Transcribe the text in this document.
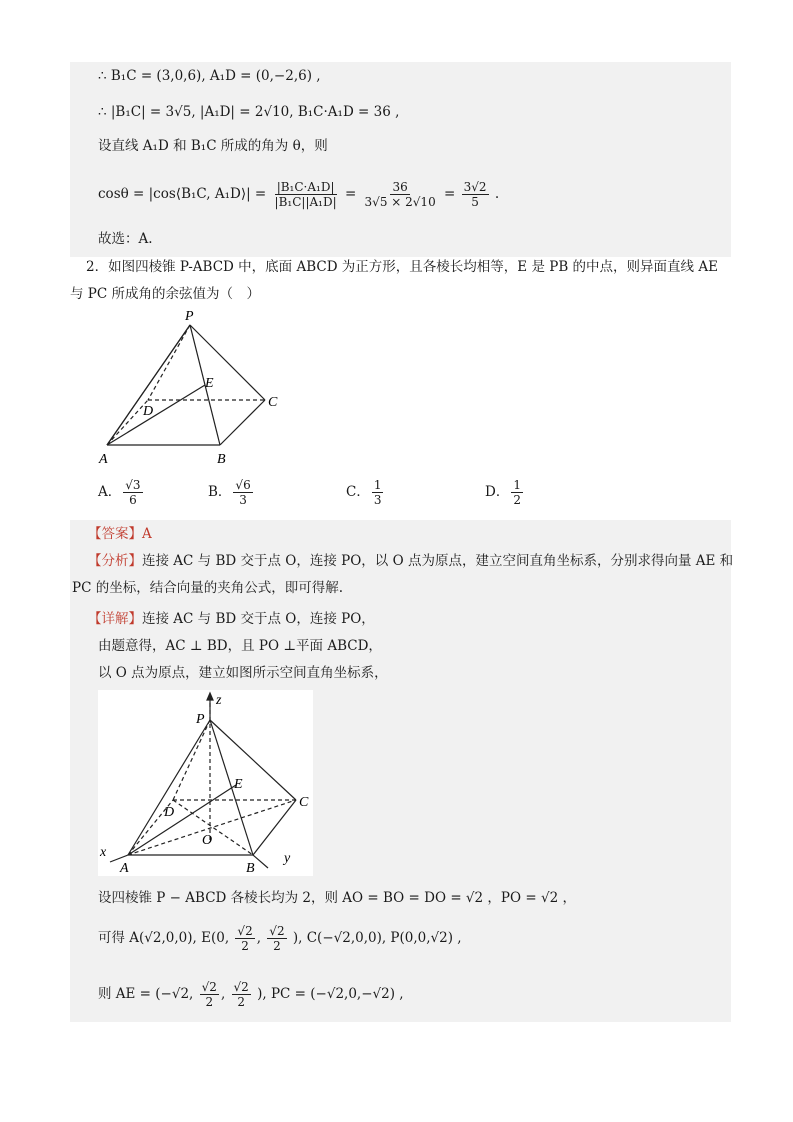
∴ B₁C = (3,0,6), A₁D = (0,−2,6) ,
∴ |B₁C| = 3√5, |A₁D| = 2√10, B₁C·A₁D = 36 ,
设直线 A₁D 和 B₁C 所成的角为 θ，则
cosθ = |cos⟨B₁C, A₁D⟩| = $\frac{\text{|B₁C·A₁D|}}{\text{|B₁C||A₁D|}} = \frac{36}{3√5 \times 2√10} = \frac{3√2}{5}$ .
故选：A.
2．如图四棱锥 P-ABCD 中，底面 ABCD 为正方形，且各棱长均相等，E 是 PB 的中点，则异面直线 AE
与 PC 所成角的余弦值为（　）
P
E
D
C
A	B
A． $\frac{√3}{6}$	B． $\frac{√6}{3}$	C． $\frac{1}{3}$	D． $\frac{1}{2}$
【答案】A
【分析】连接 AC 与 BD 交于点 O，连接 PO，以 O 点为原点，建立空间直角坐标系，分别求得向量 AE 和
PC 的坐标，结合向量的夹角公式，即可得解.
【详解】连接 AC 与 BD 交于点 O，连接 PO，
由题意得，AC ⊥ BD，且 PO ⊥平面 ABCD，
以 O 点为原点，建立如图所示空间直角坐标系，
z
P
E
D
C
O
x
A	B
y
设四棱锥 P − ABCD 各棱长均为 2，则 AO = BO = DO = √2 ，PO = √2 ，
可得 A(√2,0,0), E(0, $\frac{√2}{2}$ , $\frac{√2}{2}$ ), C(−√2,0,0), P(0,0,√2) ,
则 AE = (−√2, $\frac{√2}{2}$ , $\frac{√2}{2}$ ), PC = (−√2,0,−√2) ,
